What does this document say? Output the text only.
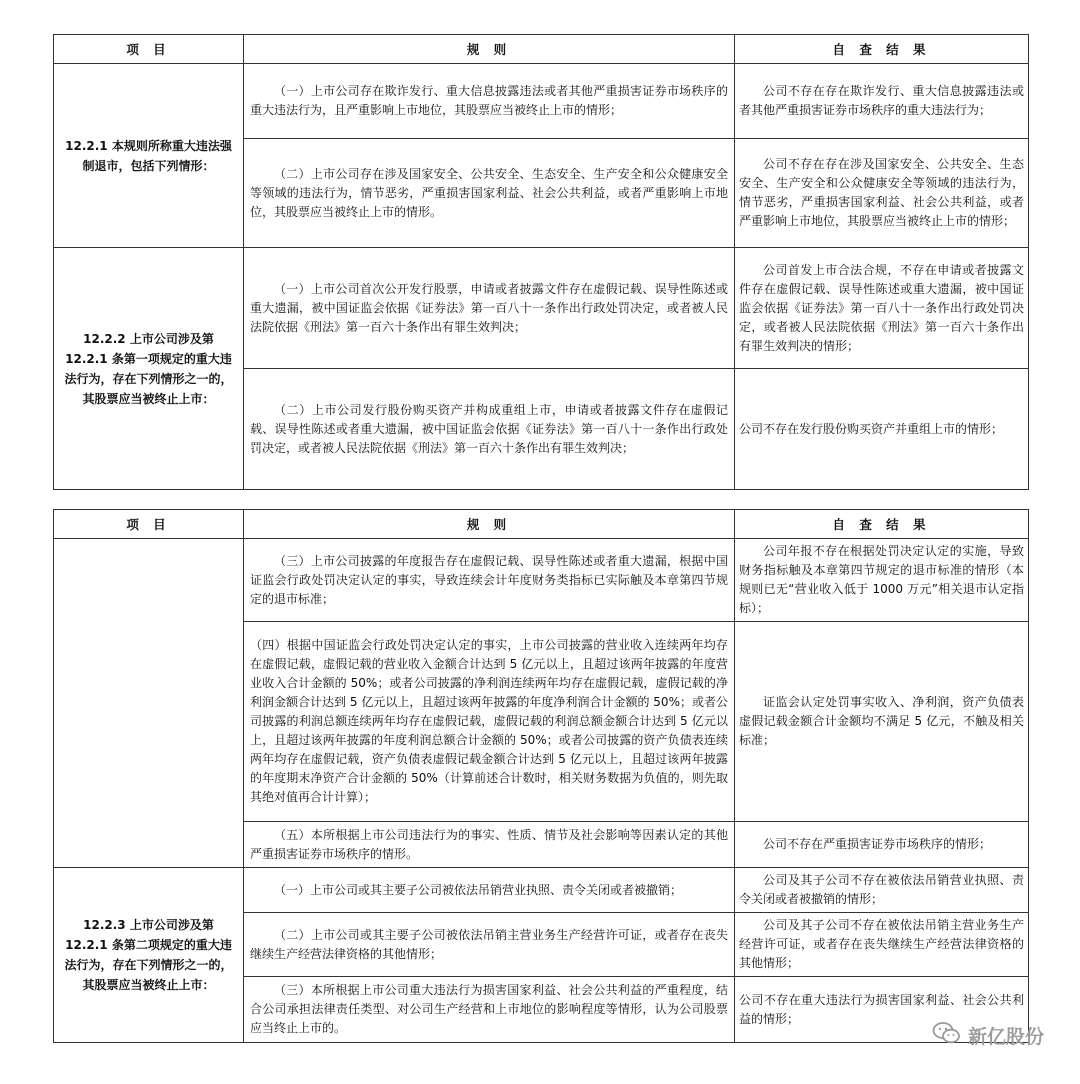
项 目	规 则	自 查 结 果
12.2.1 本规则所称重大违法强制退市，包括下列情形：	（一）上市公司存在欺诈发行、重大信息披露违法或者其他严重损害证券市场秩序的重大违法行为，且严重影响上市地位，其股票应当被终止上市的情形；	公司不存在存在欺诈发行、重大信息披露违法或者其他严重损害证券市场秩序的重大违法行为；

	（二）上市公司存在涉及国家安全、公共安全、生态安全、生产安全和公众健康安全等领域的违法行为，情节恶劣，严重损害国家利益、社会公共利益，或者严重影响上市地位，其股票应当被终止上市的情形。	公司不存在存在涉及国家安全、公共安全、生态安全、生产安全和公众健康安全等领域的违法行为，情节恶劣，严重损害国家利益、社会公共利益，或者严重影响上市地位，其股票应当被终止上市的情形；

12.2.2 上市公司涉及第 12.2.1 条第一项规定的重大违法行为，存在下列情形之一的，其股票应当被终止上市：	（一）上市公司首次公开发行股票，申请或者披露文件存在虚假记载、误导性陈述或重大遗漏，被中国证监会依据《证券法》第一百八十一条作出行政处罚决定，或者被人民法院依据《刑法》第一百六十条作出有罪生效判决；	公司首发上市合法合规，不存在申请或者披露文件存在虚假记载、误导性陈述或重大遗漏，被中国证监会依据《证券法》第一百八十一条作出行政处罚决定，或者被人民法院依据《刑法》第一百六十条作出有罪生效判决的情形；

	（二）上市公司发行股份购买资产并构成重组上市，申请或者披露文件存在虚假记载、误导性陈述或者重大遗漏，被中国证监会依据《证券法》第一百八十一条作出行政处罚决定，或者被人民法院依据《刑法》第一百六十条作出有罪生效判决；	公司不存在发行股份购买资产并重组上市的情形；
项 目	规 则	自 查 结 果

	（三）上市公司披露的年度报告存在虚假记载、误导性陈述或者重大遗漏，根据中国证监会行政处罚决定认定的事实，导致连续会计年度财务类指标已实际触及本章第四节规定的退市标准；	公司年报不存在根据处罚决定认定的实施，导致财务指标触及本章第四节规定的退市标准的情形（本规则已无“营业收入低于 1000 万元”相关退市认定指标）；

	（四）根据中国证监会行政处罚决定认定的事实，上市公司披露的营业收入连续两年均存在虚假记载，虚假记载的营业收入金额合计达到 5 亿元以上，且超过该两年披露的年度营业收入合计金额的 50%；或者公司披露的净利润连续两年均存在虚假记载，虚假记载的净利润金额合计达到 5 亿元以上，且超过该两年披露的年度净利润合计金额的 50%；或者公司披露的利润总额连续两年均存在虚假记载，虚假记载的利润总额金额合计达到 5 亿元以上，且超过该两年披露的年度利润总额合计金额的 50%；或者公司披露的资产负债表连续两年均存在虚假记载，资产负债表虚假记载金额合计达到 5 亿元以上，且超过该两年披露的年度期末净资产合计金额的 50%（计算前述合计数时，相关财务数据为负值的，则先取其绝对值再合计计算）；	证监会认定处罚事实收入、净利润，资产负债表虚假记载金额合计金额均不满足 5 亿元，不触及相关标准；

	（五）本所根据上市公司违法行为的事实、性质、情节及社会影响等因素认定的其他严重损害证券市场秩序的情形。	公司不存在严重损害证券市场秩序的情形；

12.2.3 上市公司涉及第 12.2.1 条第二项规定的重大违法行为，存在下列情形之一的，其股票应当被终止上市：	（一）上市公司或其主要子公司被依法吊销营业执照、责令关闭或者被撤销；	公司及其子公司不存在被依法吊销营业执照、责令关闭或者被撤销的情形；

	（二）上市公司或其主要子公司被依法吊销主营业务生产经营许可证，或者存在丧失继续生产经营法律资格的其他情形；	公司及其子公司不存在被依法吊销主营业务生产经营许可证，或者存在丧失继续生产经营法律资格的其他情形；

	（三）本所根据上市公司重大违法行为损害国家利益、社会公共利益的严重程度，结合公司承担法律责任类型、对公司生产经营和上市地位的影响程度等情形，认为公司股票应当终止上市的。	公司不存在重大违法行为损害国家利益、社会公共利益的情形；
新亿股份
